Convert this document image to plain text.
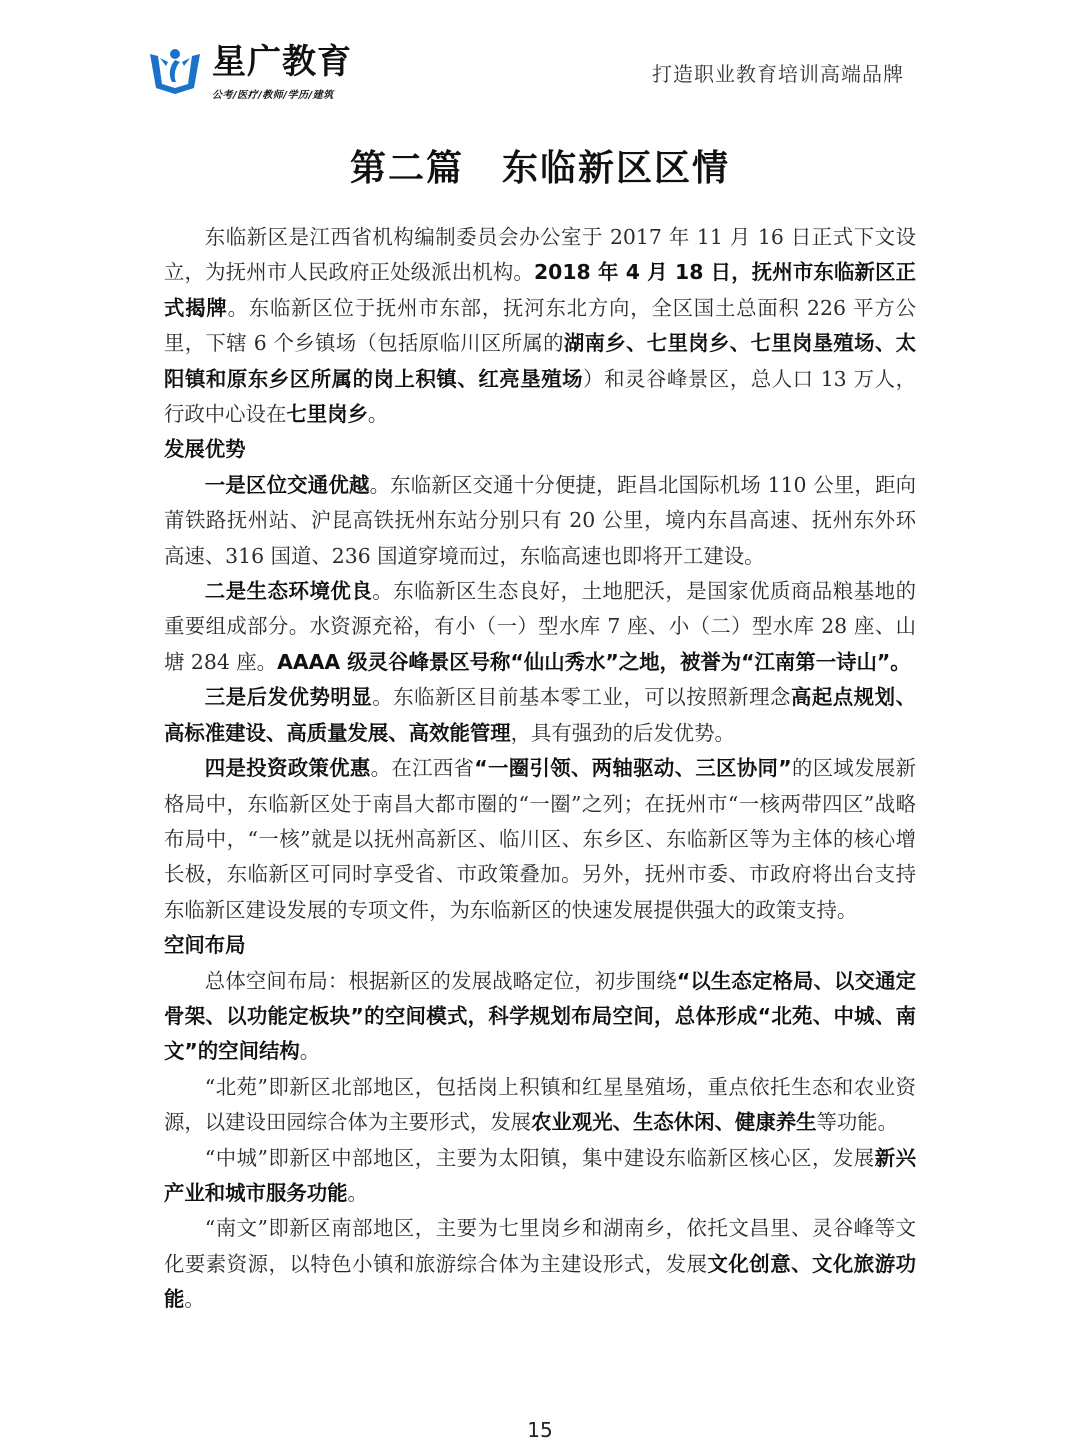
星广教育
公考/医疗/教师/学历/建筑
打造职业教育培训高端品牌
第二篇　东临新区区情

东临新区是江西省机构编制委员会办公室于 2017 年 11 月 16 日正式下文设立，为抚州市人民政府正处级派出机构。2018 年 4 月 18 日，抚州市东临新区正式揭牌。东临新区位于抚州市东部，抚河东北方向，全区国土总面积 226 平方公里，下辖 6 个乡镇场（包括原临川区所属的湖南乡、七里岗乡、七里岗垦殖场、太阳镇和原东乡区所属的岗上积镇、红亮垦殖场）和灵谷峰景区，总人口 13 万人，行政中心设在七里岗乡。

发展优势

一是区位交通优越。东临新区交通十分便捷，距昌北国际机场 110 公里，距向莆铁路抚州站、沪昆高铁抚州东站分别只有 20 公里，境内东昌高速、抚州东外环高速、316 国道、236 国道穿境而过，东临高速也即将开工建设。

二是生态环境优良。东临新区生态良好，土地肥沃，是国家优质商品粮基地的重要组成部分。水资源充裕，有小（一）型水库 7 座、小（二）型水库 28 座、山塘 284 座。AAAA 级灵谷峰景区号称“仙山秀水”之地，被誉为“江南第一诗山”。

三是后发优势明显。东临新区目前基本零工业，可以按照新理念高起点规划、高标准建设、高质量发展、高效能管理，具有强劲的后发优势。

四是投资政策优惠。在江西省“一圈引领、两轴驱动、三区协同”的区域发展新格局中，东临新区处于南昌大都市圈的“一圈”之列；在抚州市“一核两带四区”战略布局中，“一核”就是以抚州高新区、临川区、东乡区、东临新区等为主体的核心增长极，东临新区可同时享受省、市政策叠加。另外，抚州市委、市政府将出台支持东临新区建设发展的专项文件，为东临新区的快速发展提供强大的政策支持。

空间布局

总体空间布局：根据新区的发展战略定位，初步围绕“以生态定格局、以交通定骨架、以功能定板块”的空间模式，科学规划布局空间，总体形成“北苑、中城、南文”的空间结构。

“北苑”即新区北部地区，包括岗上积镇和红星垦殖场，重点依托生态和农业资源，以建设田园综合体为主要形式，发展农业观光、生态休闲、健康养生等功能。

“中城”即新区中部地区，主要为太阳镇，集中建设东临新区核心区，发展新兴产业和城市服务功能。

“南文”即新区南部地区，主要为七里岗乡和湖南乡，依托文昌里、灵谷峰等文化要素资源，以特色小镇和旅游综合体为主建设形式，发展文化创意、文化旅游功能。

15
